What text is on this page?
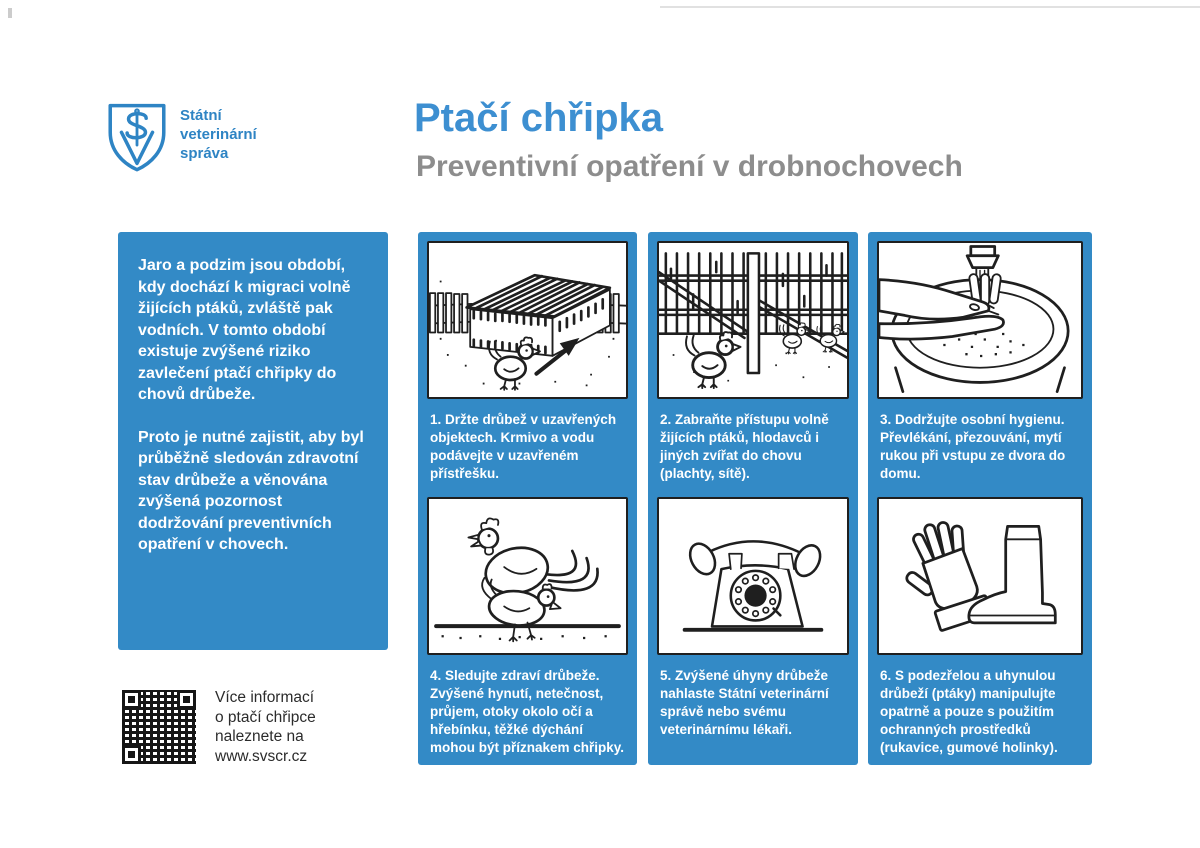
Státní
veterinární
správa
Ptačí chřipka
Preventivní opatření v drobnochovech

Jaro a podzim jsou období, kdy dochází k migraci volně žijících ptáků, zvláště pak vodních. V tomto období existuje zvýšené riziko zavlečení ptačí chřipky do chovů drůbeže.

Proto je nutné zajistit, aby byl průběžně sledován zdravotní stav drůbeže a věnována zvýšená pozornost dodržování preventivních opatření v chovech.

1. Držte drůbež v uzavřených objektech. Krmivo a vodu podávejte v uzavřeném přístřešku.
4. Sledujte zdraví drůbeže. Zvýšené hynutí, netečnost, průjem, otoky okolo očí a hřebínku, těžké dýchání mohou být příznakem chřipky.
2. Zabraňte přístupu volně žijících ptáků, hlodavců i jiných zvířat do chovu (plachty, sítě).
5. Zvýšené úhyny drůbeže nahlaste Státní veterinární správě nebo svému veterinárnímu lékaři.
3. Dodržujte osobní hygienu. Převlékání, přezouvání, mytí rukou při vstupu ze dvora do domu.
6. S podezřelou a uhynulou drůbeží (ptáky) manipulujte opatrně a pouze s použitím ochranných prostředků (rukavice, gumové holinky).
Více informací
o ptačí chřipce
naleznete na
www.svscr.cz
